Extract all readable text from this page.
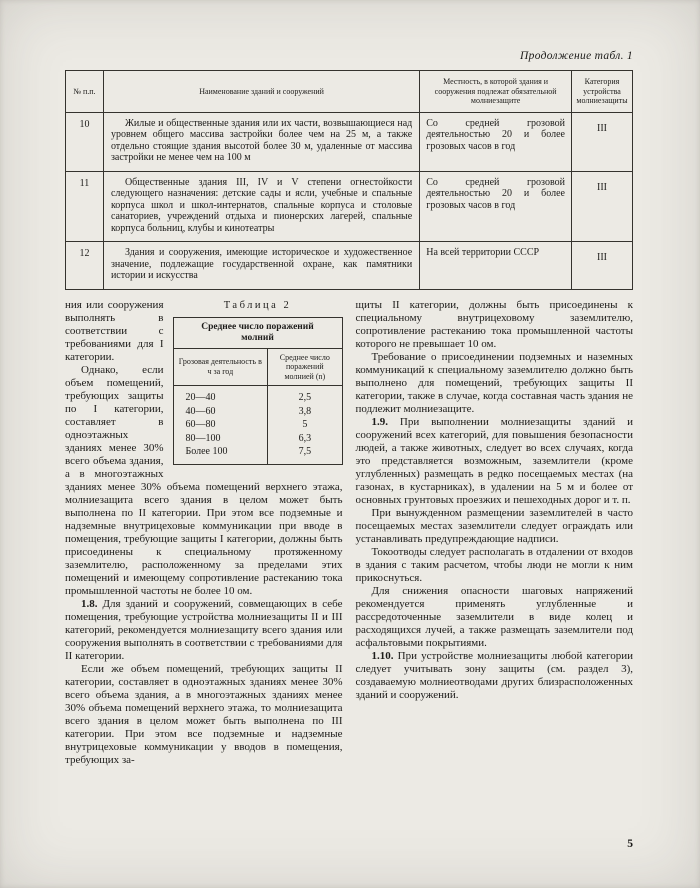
Продолжение табл. 1
№ п.п.	Наименование зданий и сооружений	Местность, в которой здания и сооружения подлежат обязательной молниезащите	Категория устройства молниезащиты
10	Жилые и общественные здания или их части, возвышающиеся над уровнем общего массива застройки более чем на 25 м, а также отдельно стоящие здания высотой более 30 м, удаленные от массива застройки не менее чем на 100 м	Со средней грозовой деятельностью 20 и более грозовых часов в год	III
11	Общественные здания III, IV и V степени огнестойкости следующего назначения: детские сады и ясли, учебные и спальные корпуса школ и школ-интернатов, спальные корпуса и столовые санаториев, учреждений отдыха и пионерских лагерей, спальные корпуса больниц, клубы и кинотеатры	Со средней грозовой деятельностью 20 и более грозовых часов в год	III
12	Здания и сооружения, имеющие историческое и художественное значение, подлежащие государственной охране, как памятники истории и искусства	На всей территории СССР	III
Таблица 2
Среднее число поражений молний	
Грозовая деятельность в ч за год	Среднее число поражений молнией (n)
20—40	2,5
40—60	3,8
60—80	5
80—100	6,3
Более 100	7,5

ния или сооружения выполнять в соответствии с требованиями для I категории.

Однако, если объем помещений, требующих защиты по I категории, составляет в одноэтажных зданиях менее 30% всего объема здания, а в многоэтажных зданиях менее 30% объема помещений верхнего этажа, молниезащита всего здания в целом может быть выполнена по II категории. При этом все подземные и надземные внутрицеховые коммуникации при вводе в помещения, требующие защиты I категории, должны быть присоединены к специальному протяженному заземлителю, расположенному за пределами этих помещений и имеющему сопротивление растеканию тока промышленной частоты не более 10 ом.

1.8. Для зданий и сооружений, совмещающих в себе помещения, требующие устройства молниезащиты II и III категорий, рекомендуется молниезащиту всего здания или сооружения выполнять в соответствии с требованиями для II категории.

Если же объем помещений, требующих защиты II категории, составляет в одноэтажных зданиях менее 30% всего объема здания, а в многоэтажных зданиях менее 30% объема помещений верхнего этажа, то молниезащита всего здания в целом может быть выполнена по III категории. При этом все подземные и надземные внутрицеховые коммуникации у вводов в помещения, требующих за-

щиты II категории, должны быть присоединены к специальному внутрицеховому заземлителю, сопротивление растеканию тока промышленной частоты которого не превышает 10 ом.

Требование о присоединении подземных и наземных коммуникаций к специальному заземлителю должно быть выполнено для помещений, требующих защиты II категории, также в случае, когда составная часть здания не подлежит молниезащите.

1.9. При выполнении молниезащиты зданий и сооружений всех категорий, для повышения безопасности людей, а также животных, следует во всех случаях, когда это представляется возможным, заземлители (кроме углубленных) размещать в редко посещаемых местах (на газонах, в кустарниках), в удалении на 5 м и более от основных грунтовых проезжих и пешеходных дорог и т. п.

При вынужденном размещении заземлителей в часто посещаемых местах заземлители следует ограждать или устанавливать предупреждающие надписи.

Токоотводы следует располагать в отдалении от входов в здания с таким расчетом, чтобы люди не могли к ним прикоснуться.

Для снижения опасности шаговых напряжений рекомендуется применять углубленные и рассредоточенные заземлители в виде колец и расходящихся лучей, а также размещать заземлители под асфальтовыми покрытиями.

1.10. При устройстве молниезащиты любой категории следует учитывать зону защиты (см. раздел 3), создаваемую молниеотводами других близрасположенных зданий и сооружений.

5
